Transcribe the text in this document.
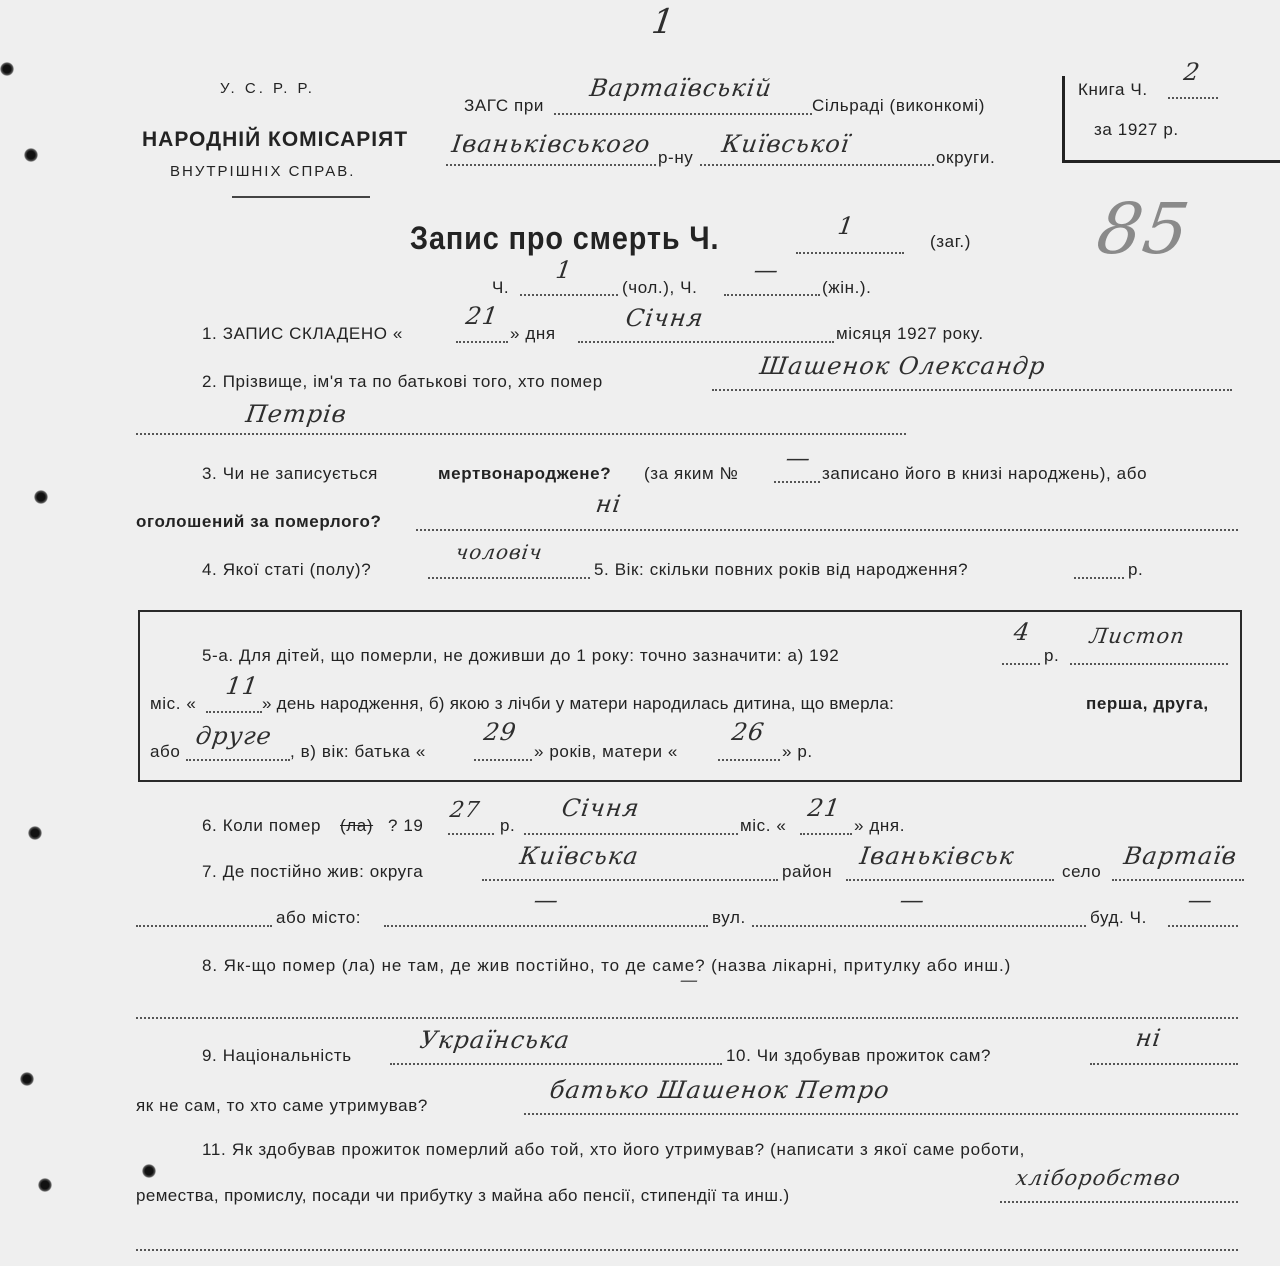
1
У. С. Р. Р.
НАРОДНІЙ КОМІСАРІЯТ
ВНУТРІШНІХ СПРАВ.
ЗАГС при
Вартаївській
Сільраді (виконкомі)
Іваньківського р-ну Київської	округи.
Книга Ч.
2
за 1927 р.
85
Запис про смерть Ч.	1
(заг.)
Ч.
1
(чол.), Ч.
—
(жін.).
1. ЗАПИС СКЛАДЕНО «
21
» дня
Січня
місяця 1927 року.
2. Прізвище, ім'я та по батькові того, хто помер
Шашенок Олександр
Петрів
3. Чи не записується	мертвонароджене? (за яким №
—
записано його в книзі народжень), або
оголошений за померлого?
ні
4. Якої статі (полу)?
чоловіч
5. Вік: скільки повних років від народження?	р.
5-а. Для дітей, що померли, не доживши до 1 року: точно зазначити: а) 192
4
р.
Листоп
міс. «
11
» день народження, б) якою з лічби у матери народилась дитина, що вмерла:	перша, друга,
або
друге
, в) вік: батька «
29
» років, матери «
26
» р.
6. Коли помер (ла) ? 19
27
р.
Січня
міс. «
21
» дня.
7. Де постійно жив: округа
Київська
район
Іваньківськ
село
Вартаїв
або місто:
—
вул.
—
буд. Ч.
—
8. Як-що помер (ла) не там, де жив постійно, то де саме? (назва лікарні, притулку або инш.)
—
9. Національність
Українська
10. Чи здобував прожиток сам?
ні
як не сам, то хто саме утримував?
батько Шашенок Петро
11. Як здобував прожиток померлий або той, хто його утримував? (написати з якої саме роботи,
ремества, промислу, посади чи прибутку з майна або пенсії, стипендії та инш.)
хліборобство
